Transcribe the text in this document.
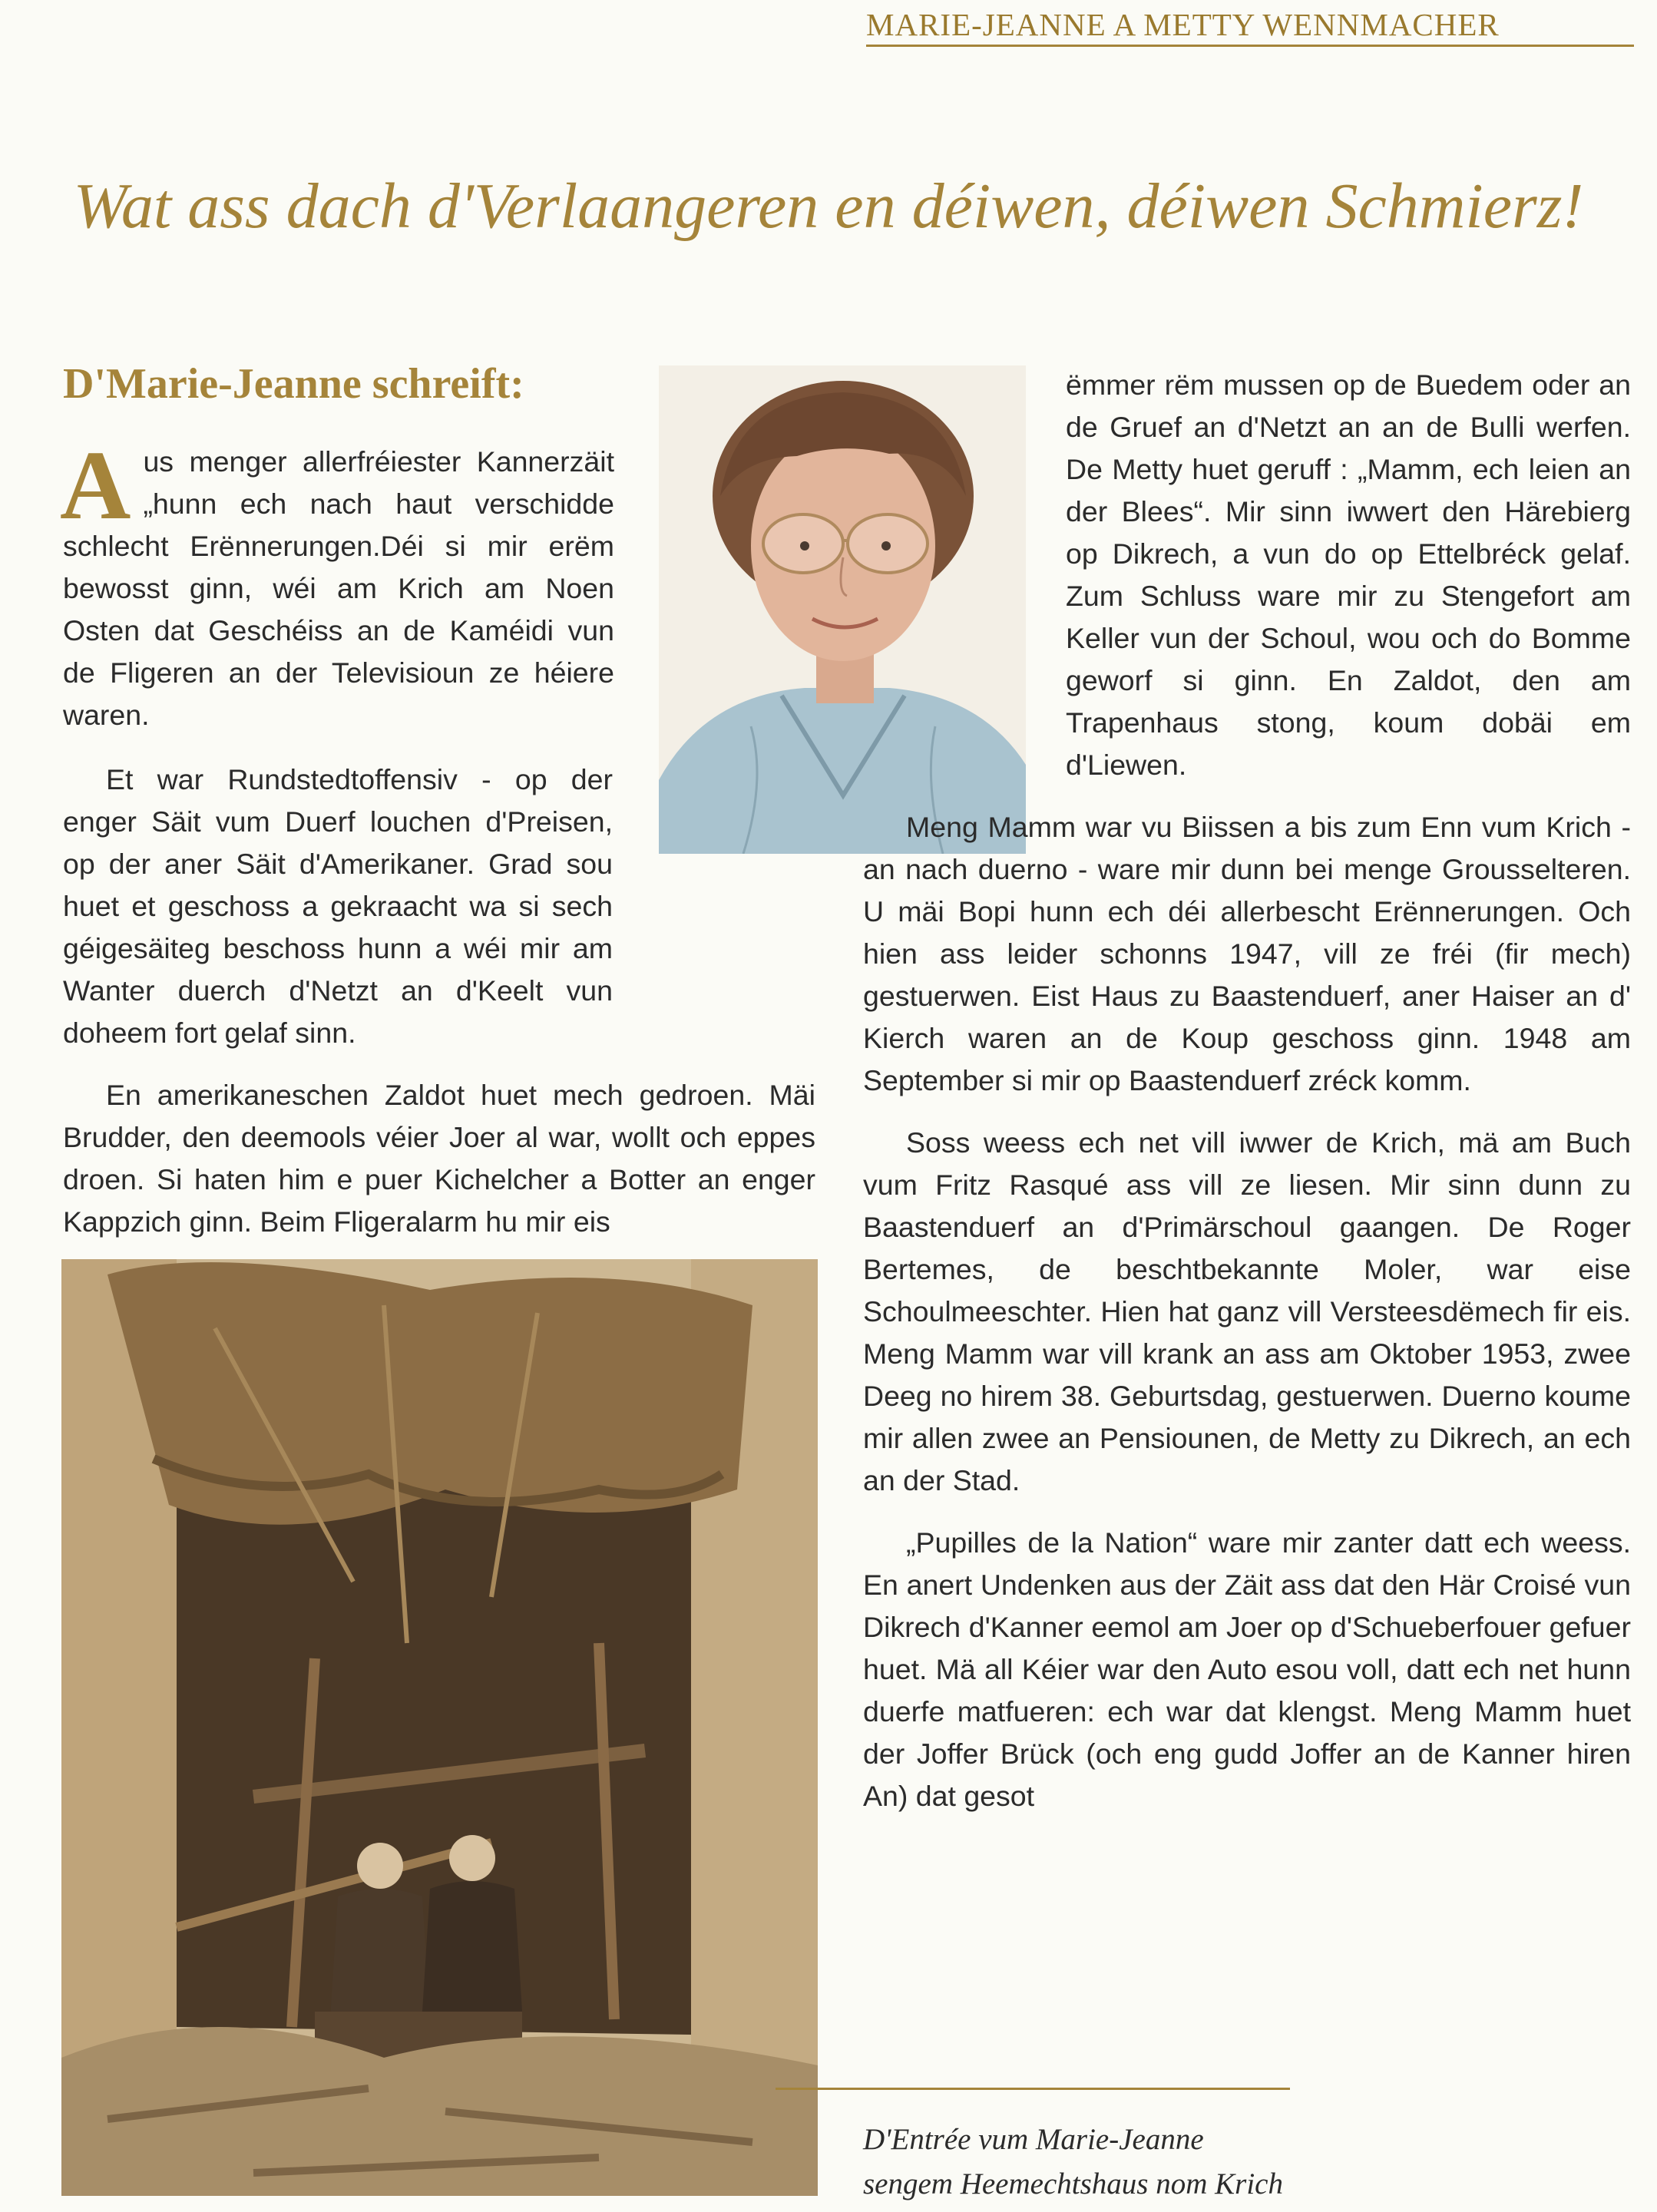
MARIE-JEANNE A METTY WENNMACHER
Wat ass dach d'Verlaangeren en déiwen, déiwen Schmierz!
D'Marie-Jeanne schreift:

Aus menger allerfréiester Kannerzäit „hunn ech nach haut verschidde schlecht Erënnerungen.Déi si mir erëm bewosst ginn, wéi am Krich am Noen Osten dat Geschéiss an de Kaméidi vun de Fligeren an der Televisioun ze héiere waren.

Et war Rundstedtoffensiv - op der enger Säit vum Duerf louchen d'Preisen, op der aner Säit d'Amerikaner. Grad sou huet et geschoss a gekraacht wa si sech géigesäiteg beschoss hunn a wéi mir am Wanter duerch d'Netzt an d'Keelt vun doheem fort gelaf sinn.

En amerikaneschen Zaldot huet mech gedroen. Mäi Brudder, den deemools véier Joer al war, wollt och eppes droen. Si haten him e puer Kichelcher a Botter an enger Kappzich ginn. Beim Fligeralarm hu mir eis

ëmmer rëm mussen op de Buedem oder an de Gruef an d'Netzt an an de Bulli werfen. De Metty huet geruff : „Mamm, ech leien an der Blees“. Mir sinn iwwert den Härebierg op Dikrech, a vun do op Ettelbréck gelaf. Zum Schluss ware mir zu Stengefort am Keller vun der Schoul, wou och do Bomme geworf si ginn. En Zaldot, den am Trapenhaus stong, koum dobäi em d'Liewen.

Meng Mamm war vu Biissen a bis zum Enn vum Krich - an nach duerno - ware mir dunn bei menge Grousselteren. U mäi Bopi hunn ech déi allerbescht Erënnerungen. Och hien ass leider schonns 1947, vill ze fréi (fir mech) gestuerwen. Eist Haus zu Baastenduerf, aner Haiser an d' Kierch waren an de Koup geschoss ginn. 1948 am September si mir op Baastenduerf zréck komm.

Soss weess ech net vill iwwer de Krich, mä am Buch vum Fritz Rasqué ass vill ze liesen. Mir sinn dunn zu Baastenduerf an d'Primärschoul gaangen. De Roger Bertemes, de beschtbekannte Moler, war eise Schoulmeeschter. Hien hat ganz vill Versteesdëmech fir eis. Meng Mamm war vill krank an ass am Oktober 1953, zwee Deeg no hirem 38. Geburtsdag, gestuerwen. Duerno koume mir allen zwee an Pensiounen, de Metty zu Dikrech, an ech an der Stad.

„Pupilles de la Nation“ ware mir zanter datt ech weess. En anert Undenken aus der Zäit ass dat den Här Croisé vun Dikrech d'Kanner eemol am Joer op d'Schueberfouer gefuer huet. Mä all Kéier war den Auto esou voll, datt ech net hunn duerfe matfueren: ech war dat klengst. Meng Mamm huet der Joffer Brück (och eng gudd Joffer an de Kanner hiren An) dat gesot

D'Entrée vum Marie-Jeanne
sengem Heemechtshaus nom Krich
